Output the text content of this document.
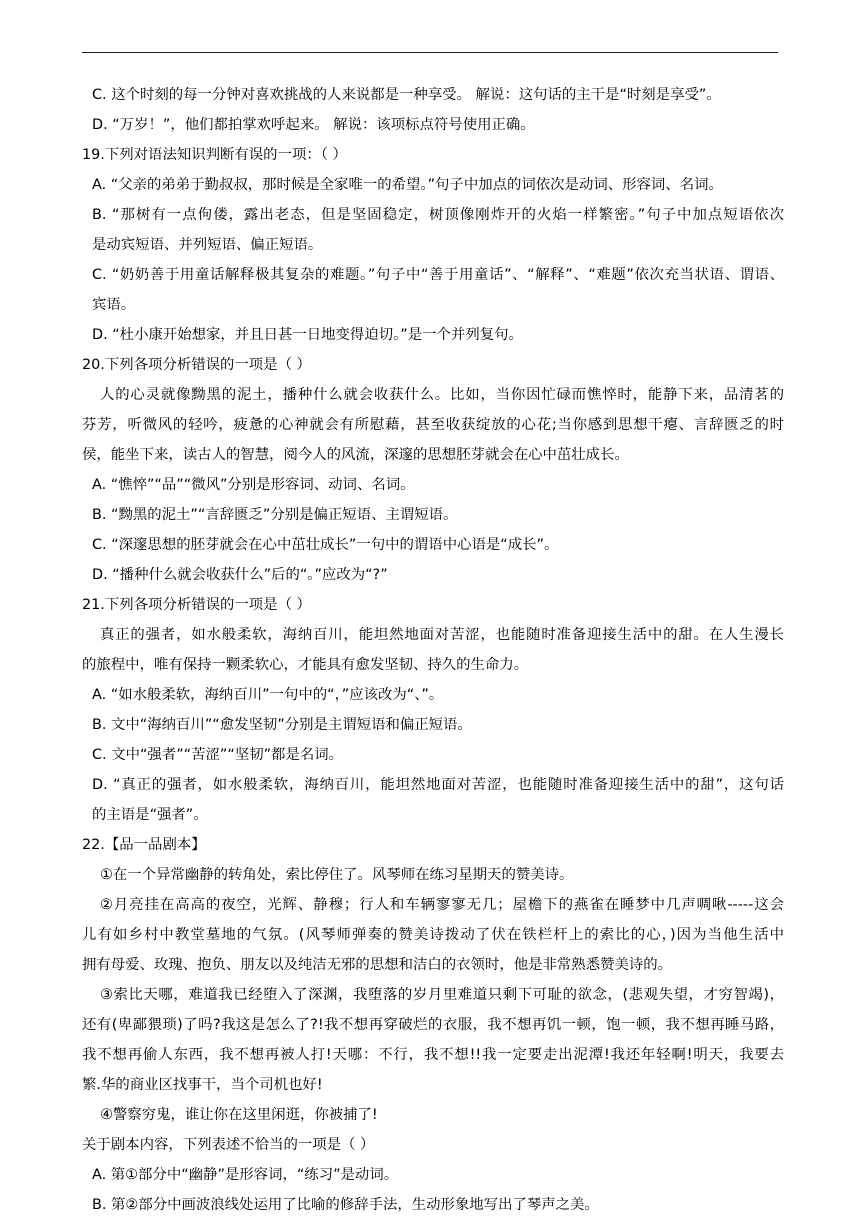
C. 这个时刻的每一分钟对喜欢挑战的人来说都是一种享受。 解说：这句话的主干是“时刻是享受”。
D. “万岁！”，他们都拍掌欢呼起来。 解说：该项标点符号使用正确。
19.下列对语法知识判断有误的一项：（ ）
A. “父亲的弟弟于勤叔叔，那时候是全家唯一的希望。”句子中加点的词依次是动词、形容词、名词。
B. “那树有一点佝偻，露出老态，但是坚固稳定，树顶像刚炸开的火焰一样繁密。”句子中加点短语依次
是动宾短语、并列短语、偏正短语。
C. “奶奶善于用童话解释极其复杂的难题。”句子中“善于用童话”、“解释”、“难题”依次充当状语、谓语、
宾语。
D. “杜小康开始想家，并且日甚一日地变得迫切。”是一个并列复句。
20.下列各项分析错误的一项是（ ）
人的心灵就像黝黑的泥土，播种什么就会收获什么。比如，当你因忙碌而憔悴时，能静下来，品清茗的
芬芳，听微风的轻吟，疲惫的心神就会有所慰藉，甚至收获绽放的心花;当你感到思想干瘪、言辞匮乏的时
侯，能坐下来，读古人的智慧，阅今人的风流，深邃的思想胚芽就会在心中茁壮成长。
A. “憔悴”“品”“微风”分别是形容词、动词、名词。
B. “黝黑的泥土”“言辞匮乏”分别是偏正短语、主谓短语。
C. “深邃思想的胚芽就会在心中茁壮成长”一句中的谓语中心语是“成长”。
D. “播种什么就会收获什么”后的“。”应改为“?”
21.下列各项分析错误的一项是（ ）
真正的强者，如水般柔软，海纳百川，能坦然地面对苦涩，也能随时准备迎接生活中的甜。在人生漫长
的旅程中，唯有保持一颗柔软心，才能具有愈发坚韧、持久的生命力。
A. “如水般柔软，海纳百川”一句中的“，”应该改为“、”。
B. 文中“海纳百川”“愈发坚韧”分别是主谓短语和偏正短语。
C. 文中“强者”“苦涩”“坚韧”都是名词。
D. “真正的强者，如水般柔软，海纳百川，能坦然地面对苦涩，也能随时准备迎接生活中的甜”，这句话
的主语是“强者”。
22.【品一品剧本】
①在一个异常幽静的转角处，索比停住了。风琴师在练习星期天的赞美诗。
②月亮挂在高高的夜空，光辉、静穆；行人和车辆寥寥无几；屋檐下的燕雀在睡梦中几声啁啾-----这会
儿有如乡村中教堂墓地的气氛。(风琴师弹奏的赞美诗拨动了伏在铁栏杆上的索比的心，)因为当他生活中
拥有母爱、玫瑰、抱负、朋友以及纯洁无邪的思想和洁白的衣领时，他是非常熟悉赞美诗的。
③索比天哪，难道我已经堕入了深渊，我堕落的岁月里难道只剩下可耻的欲念，(悲观失望，才穷智竭)，
还有(卑鄙猥琐)了吗?我这是怎么了?!我不想再穿破烂的衣服，我不想再饥一顿，饱一顿，我不想再睡马路，
我不想再偷人东西，我不想再被人打!天哪：不行，我不想!!我一定要走出泥潭!我还年轻啊!明天，我要去
繁.华的商业区找事干，当个司机也好!
④警察穷鬼，谁让你在这里闲逛，你被捕了!
关于剧本内容，下列表述不恰当的一项是（ ）
A. 第①部分中“幽静”是形容词，“练习”是动词。
B. 第②部分中画波浪线处运用了比喻的修辞手法，生动形象地写出了琴声之美。
